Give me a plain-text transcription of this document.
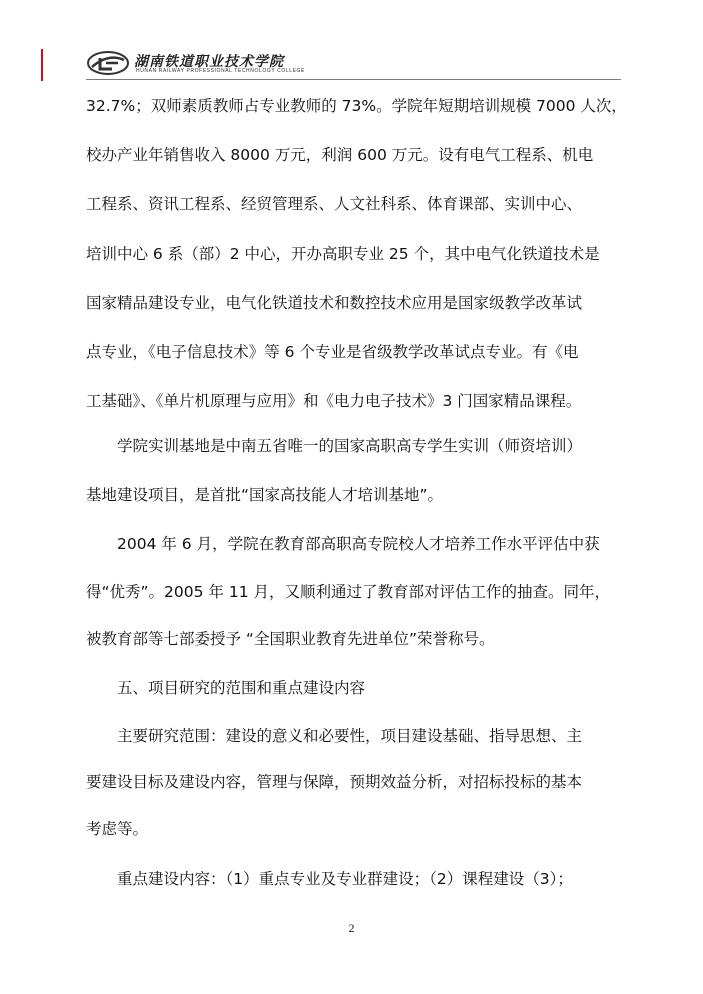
湖南铁道职业技术学院
HUNAN RAILWAY PROFESSIONAL TECHNOLOGY COLLEGE
32.7%；双师素质教师占专业教师的 73%。学院年短期培训规模 7000 人次，
校办产业年销售收入 8000 万元，利润 600 万元。设有电气工程系、机电
工程系、资讯工程系、经贸管理系、人文社科系、体育课部、实训中心、
培训中心 6 系（部）2 中心，开办高职专业 25 个，其中电气化铁道技术是
国家精品建设专业，电气化铁道技术和数控技术应用是国家级教学改革试
点专业，《电子信息技术》等 6 个专业是省级教学改革试点专业。有《电
工基础》、《单片机原理与应用》和《电力电子技术》3 门国家精品课程。
学院实训基地是中南五省唯一的国家高职高专学生实训（师资培训）
基地建设项目，是首批“国家高技能人才培训基地”。
2004 年 6 月，学院在教育部高职高专院校人才培养工作水平评估中获
得“优秀”。2005 年 11 月，又顺利通过了教育部对评估工作的抽查。同年，
被教育部等七部委授予 “全国职业教育先进单位”荣誉称号。
五、项目研究的范围和重点建设内容
主要研究范围：建设的意义和必要性，项目建设基础、指导思想、主
要建设目标及建设内容，管理与保障，预期效益分析，对招标投标的基本
考虑等。
重点建设内容：（1）重点专业及专业群建设；（2）课程建设（3）；
2
